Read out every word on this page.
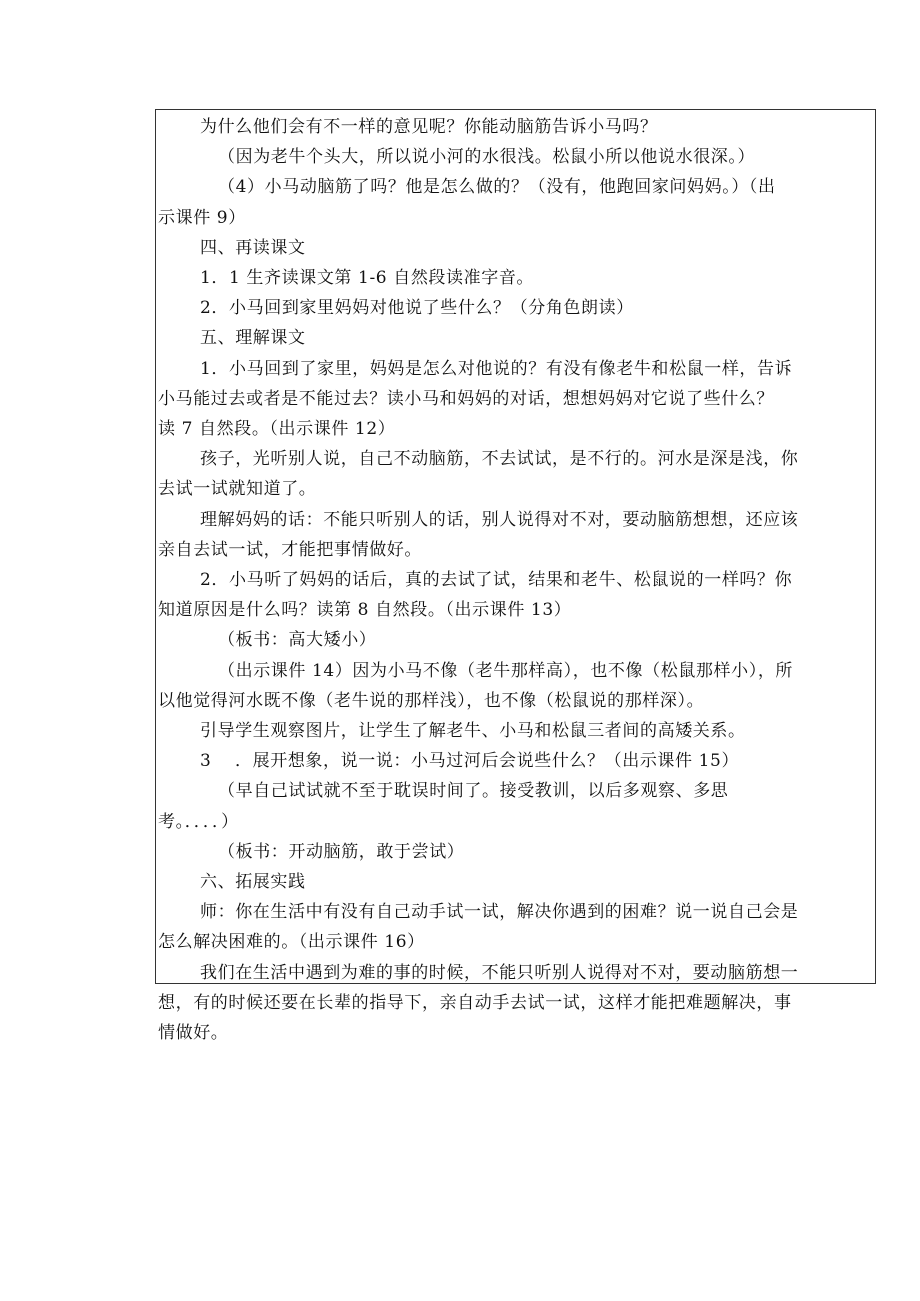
为什么他们会有不一样的意见呢？你能动脑筋告诉小马吗？
（因为老牛个头大，所以说小河的水很浅。松鼠小所以他说水很深。）
（4）小马动脑筋了吗？他是怎么做的？（没有，他跑回家问妈妈。）（出
示课件 9）
四、再读课文
1．1 生齐读课文第 1-6 自然段读准字音。
2．小马回到家里妈妈对他说了些什么？（分角色朗读）
五、理解课文
1．小马回到了家里，妈妈是怎么对他说的？有没有像老牛和松鼠一样，告诉
小马能过去或者是不能过去？读小马和妈妈的对话，想想妈妈对它说了些什么？
读 7 自然段。（出示课件 12）
孩子，光听别人说，自己不动脑筋，不去试试，是不行的。河水是深是浅，你
去试一试就知道了。
理解妈妈的话：不能只听别人的话，别人说得对不对，要动脑筋想想，还应该
亲自去试一试，才能把事情做好。
2．小马听了妈妈的话后，真的去试了试，结果和老牛、松鼠说的一样吗？你
知道原因是什么吗？读第 8 自然段。（出示课件 13）
（板书：高大矮小）
（出示课件 14）因为小马不像（老牛那样高），也不像（松鼠那样小），所
以他觉得河水既不像（老牛说的那样浅），也不像（松鼠说的那样深）。
引导学生观察图片，让学生了解老牛、小马和松鼠三者间的高矮关系。
3　 ．展开想象，说一说：小马过河后会说些什么？（出示课件 15）
（早自己试试就不至于耽误时间了。接受教训，以后多观察、多思
考。．．．．）
（板书：开动脑筋，敢于尝试）
六、拓展实践
师：你在生活中有没有自己动手试一试，解决你遇到的困难？说一说自己会是
怎么解决困难的。（出示课件 16）
我们在生活中遇到为难的事的时候，不能只听别人说得对不对，要动脑筋想一
想，有的时候还要在长辈的指导下，亲自动手去试一试，这样才能把难题解决，事
情做好。
